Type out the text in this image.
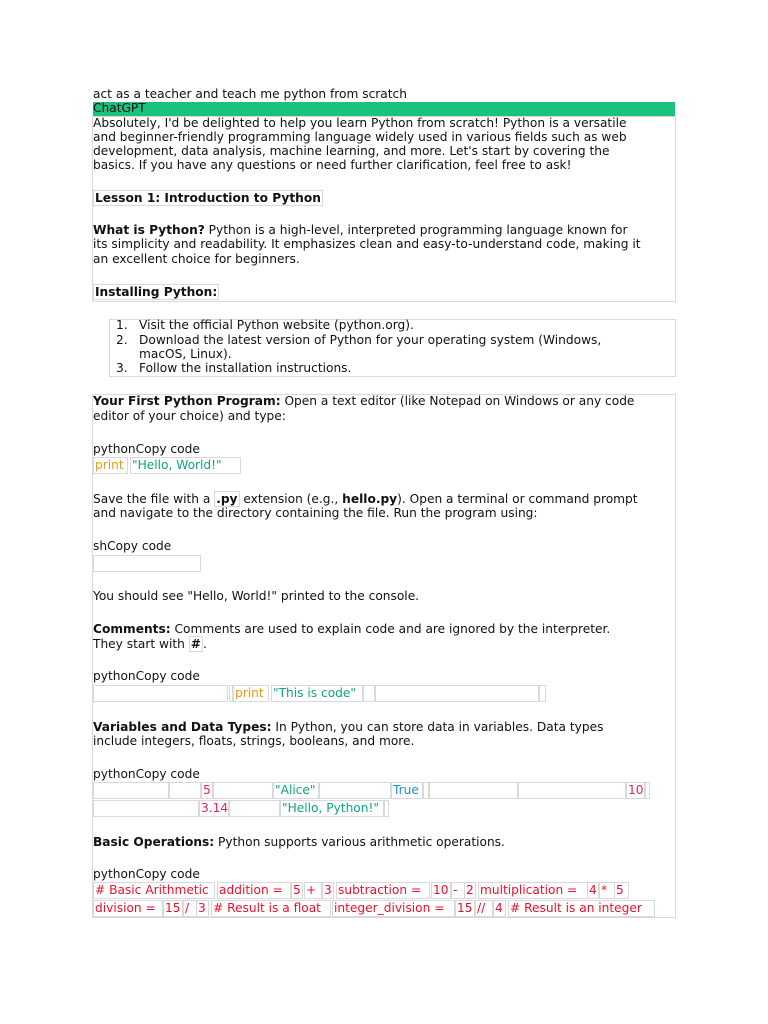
act as a teacher and teach me python from scratch
ChatGPT
Absolutely, I'd be delighted to help you learn Python from scratch! Python is a versatile
and beginner-friendly programming language widely used in various fields such as web
development, data analysis, machine learning, and more. Let's start by covering the
basics. If you have any questions or need further clarification, feel free to ask!
Lesson 1: Introduction to Python
What is Python? Python is a high-level, interpreted programming language known for
its simplicity and readability. It emphasizes clean and easy-to-understand code, making it
an excellent choice for beginners.
Installing Python:
1. Visit the official Python website (python.org).
2. Download the latest version of Python for your operating system (Windows,
macOS, Linux).
3. Follow the installation instructions.
Your First Python Program: Open a text editor (like Notepad on Windows or any code
editor of your choice) and type:
pythonCopy code
print "Hello, World!"
Save the file with a .py extension (e.g., hello.py). Open a terminal or command prompt
and navigate to the directory containing the file. Run the program using:
shCopy code
You should see "Hello, World!" printed to the console.
Comments: Comments are used to explain code and are ignored by the interpreter.
They start with # .
pythonCopy code
print "This is code"
Variables and Data Types: In Python, you can store data in variables. Data types
include integers, floats, strings, booleans, and more.
pythonCopy code
5	"Alice"	True	10
3.14	"Hello, Python!"
Basic Operations: Python supports various arithmetic operations.
pythonCopy code
# Basic Arithmetic addition = 5 + 3 subtraction = 10 - 2 multiplication = 4 * 5
division = 15 / 3 # Result is a float	integer_division =	15 // 4 # Result is an integer
